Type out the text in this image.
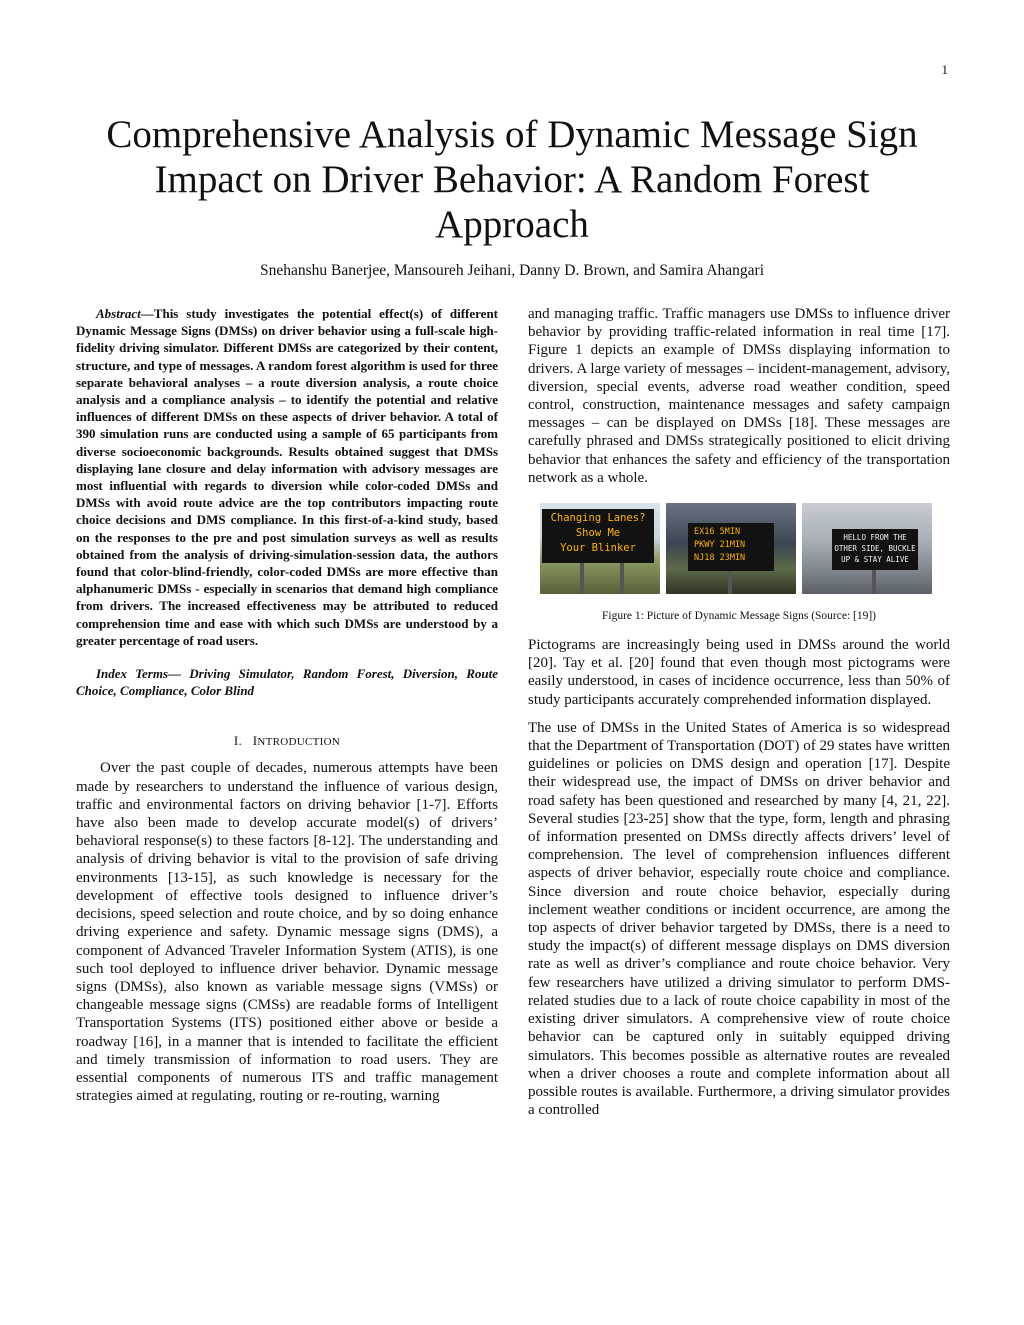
1
Comprehensive Analysis of Dynamic Message Sign
Impact on Driver Behavior: A Random Forest
Approach
Snehanshu Banerjee, Mansoureh Jeihani, Danny D. Brown, and Samira Ahangari

Abstract—This study investigates the potential effect(s) of different Dynamic Message Signs (DMSs) on driver behavior using a full-scale high-fidelity driving simulator. Different DMSs are categorized by their content, structure, and type of messages. A random forest algorithm is used for three separate behavioral analyses – a route diversion analysis, a route choice analysis and a compliance analysis – to identify the potential and relative influences of different DMSs on these aspects of driver behavior. A total of 390 simulation runs are conducted using a sample of 65 participants from diverse socioeconomic backgrounds. Results obtained suggest that DMSs displaying lane closure and delay information with advisory messages are most influential with regards to diversion while color-coded DMSs and DMSs with avoid route advice are the top contributors impacting route choice decisions and DMS compliance. In this first-of-a-kind study, based on the responses to the pre and post simulation surveys as well as results obtained from the analysis of driving-simulation-session data, the authors found that color-blind-friendly, color-coded DMSs are more effective than alphanumeric DMSs - especially in scenarios that demand high compliance from drivers. The increased effectiveness may be attributed to reduced comprehension time and ease with which such DMSs are understood by a greater percentage of road users.

Index Terms— Driving Simulator, Random Forest, Diversion, Route Choice, Compliance, Color Blind

I. INTRODUCTION

Over the past couple of decades, numerous attempts have been made by researchers to understand the influence of various design, traffic and environmental factors on driving behavior [1-7]. Efforts have also been made to develop accurate model(s) of drivers’ behavioral response(s) to these factors [8-12]. The understanding and analysis of driving behavior is vital to the provision of safe driving environments [13-15], as such knowledge is necessary for the development of effective tools designed to influence driver’s decisions, speed selection and route choice, and by so doing enhance driving experience and safety. Dynamic message signs (DMS), a component of Advanced Traveler Information System (ATIS), is one such tool deployed to influence driver behavior. Dynamic message signs (DMSs), also known as variable message signs (VMSs) or changeable message signs (CMSs) are readable forms of Intelligent Transportation Systems (ITS) positioned either above or beside a roadway [16], in a manner that is intended to facilitate the efficient and timely transmission of information to road users. They are essential components of numerous ITS and traffic management strategies aimed at regulating, routing or re-routing, warning

and managing traffic. Traffic managers use DMSs to influence driver behavior by providing traffic-related information in real time [17]. Figure 1 depicts an example of DMSs displaying information to drivers. A large variety of messages – incident-management, advisory, diversion, special events, adverse road weather condition, speed control, construction, maintenance messages and safety campaign messages – can be displayed on DMSs [18]. These messages are carefully phrased and DMSs strategically positioned to elicit driving behavior that enhances the safety and efficiency of the transportation network as a whole.

Changing Lanes?
Show Me
Your Blinker
EX16 5MIN
PKWY 21MIN
NJ18 23MIN
HELLO FROM THE
OTHER SIDE, BUCKLE
UP & STAY ALIVE
Figure 1: Picture of Dynamic Message Signs (Source: [19])

Pictograms are increasingly being used in DMSs around the world [20]. Tay et al. [20] found that even though most pictograms were easily understood, in cases of incidence occurrence, less than 50% of study participants accurately comprehended information displayed.

The use of DMSs in the United States of America is so widespread that the Department of Transportation (DOT) of 29 states have written guidelines or policies on DMS design and operation [17]. Despite their widespread use, the impact of DMSs on driver behavior and road safety has been questioned and researched by many [4, 21, 22]. Several studies [23-25] show that the type, form, length and phrasing of information presented on DMSs directly affects drivers’ level of comprehension. The level of comprehension influences different aspects of driver behavior, especially route choice and compliance. Since diversion and route choice behavior, especially during inclement weather conditions or incident occurrence, are among the top aspects of driver behavior targeted by DMSs, there is a need to study the impact(s) of different message displays on DMS diversion rate as well as driver’s compliance and route choice behavior. Very few researchers have utilized a driving simulator to perform DMS-related studies due to a lack of route choice capability in most of the existing driver simulators. A comprehensive view of route choice behavior can be captured only in suitably equipped driving simulators. This becomes possible as alternative routes are revealed when a driver chooses a route and complete information about all possible routes is available. Furthermore, a driving simulator provides a controlled
